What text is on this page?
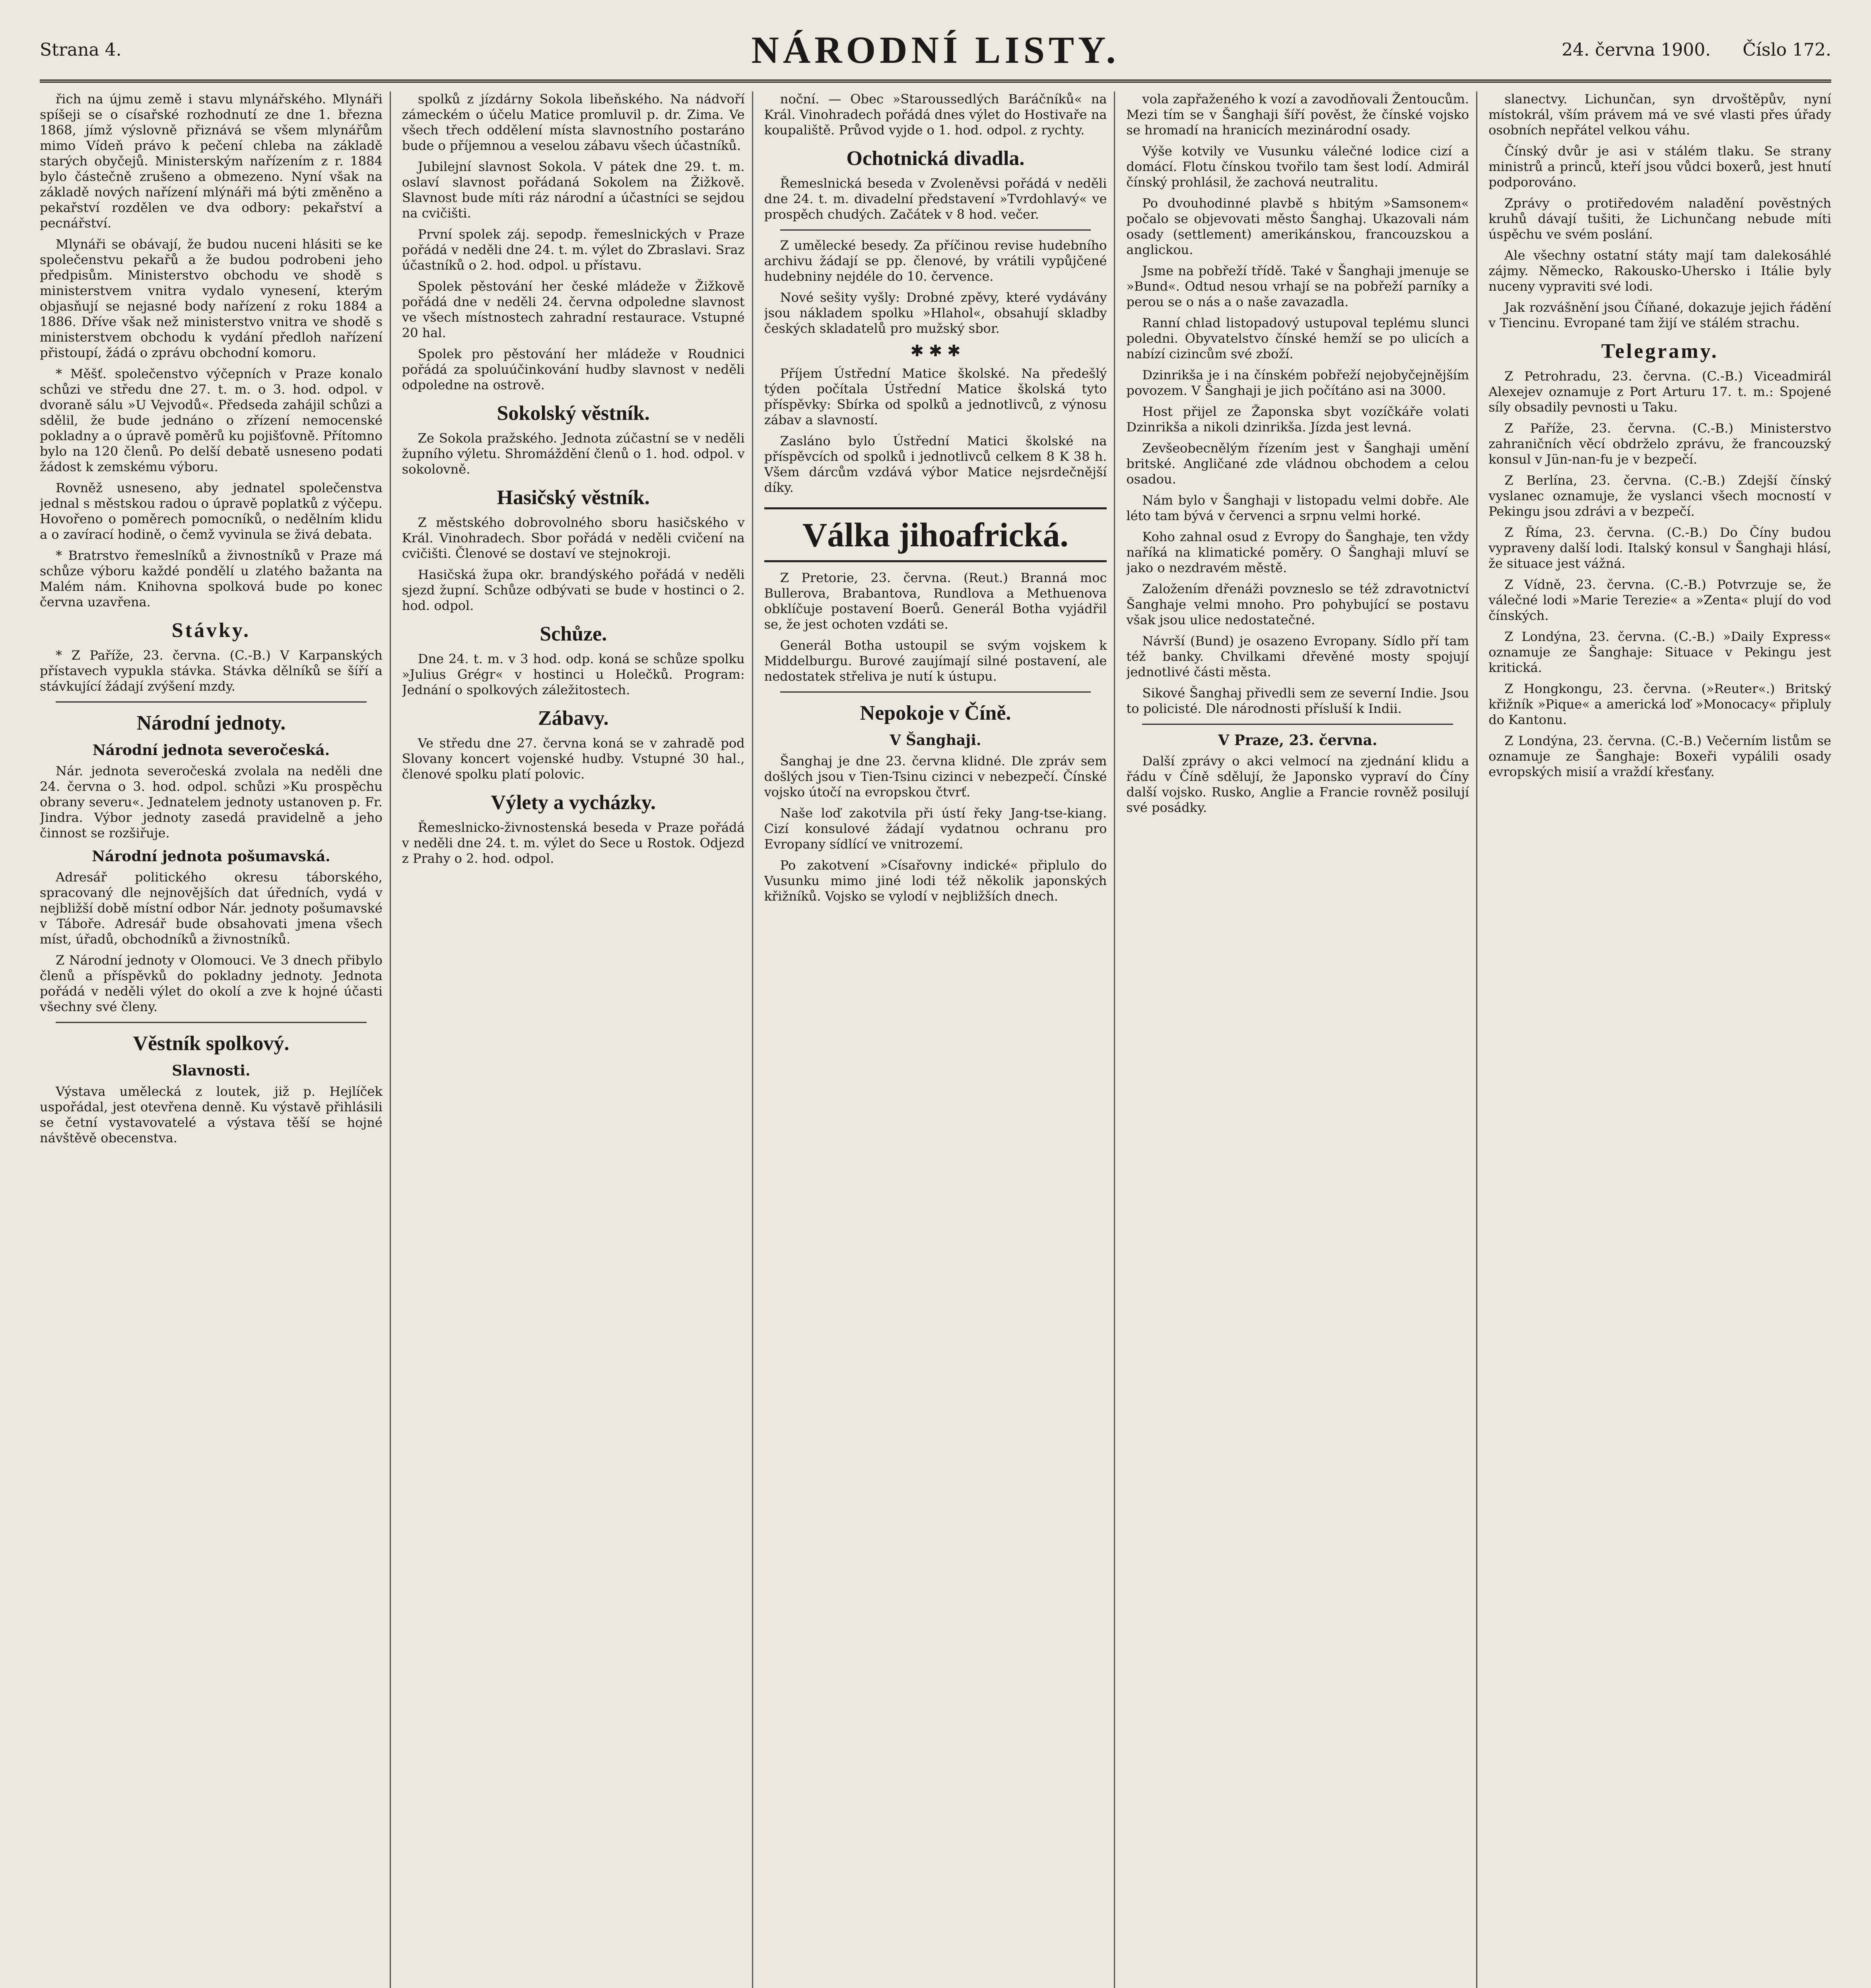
Strana 4.	NÁRODNÍ LISTY.	24. června 1900. Číslo 172.

řich na újmu země i stavu mlynářského. Mlynáři spíšeji se o císařské rozhodnutí ze dne 1. března 1868, jímž výslovně přiznává se všem mlynářům mimo Vídeň právo k pečení chleba na základě starých obyčejů. Ministerským nařízením z r. 1884 bylo částečně zrušeno a obmezeno. Nyní však na základě nových nařízení mlýnáři má býti změněno a pekařství rozdělen ve dva odbory: pekařství a pecnářství.

Mlynáři se obávají, že budou nuceni hlásiti se ke společenstvu pekařů a že budou podrobeni jeho předpisům. Ministerstvo obchodu ve shodě s ministerstvem vnitra vydalo vynesení, kterým objasňují se nejasné body nařízení z roku 1884 a 1886. Dříve však než ministerstvo vnitra ve shodě s ministerstvem obchodu k vydání předloh nařízení přistoupí, žádá o zprávu obchodní komoru.

* Měšť. společenstvo výčepních v Praze konalo schůzi ve středu dne 27. t. m. o 3. hod. odpol. v dvoraně sálu »U Vejvodů«. Předseda zahájil schůzi a sdělil, že bude jednáno o zřízení nemocenské pokladny a o úpravě poměrů ku pojišťovně. Přítomno bylo na 120 členů. Po delší debatě usneseno podati žádost k zemskému výboru.

Rovněž usneseno, aby jednatel společenstva jednal s městskou radou o úpravě poplatků z výčepu. Hovořeno o poměrech pomocníků, o nedělním klidu a o zavírací hodině, o čemž vyvinula se živá debata.

* Bratrstvo řemeslníků a živnostníků v Praze má schůze výboru každé pondělí u zlatého bažanta na Malém nám. Knihovna spolková bude po konec června uzavřena.

Stávky.

* Z Paříže, 23. června. (C.-B.) V Karpanských přístavech vypukla stávka. Stávka dělníků se šíří a stávkující žádají zvýšení mzdy.

Národní jednoty.
Národní jednota severočeská.

Nár. jednota severočeská zvolala na neděli dne 24. června o 3. hod. odpol. schůzi »Ku prospěchu obrany severu«. Jednatelem jednoty ustanoven p. Fr. Jindra. Výbor jednoty zasedá pravidelně a jeho činnost se rozšiřuje.

Národní jednota pošumavská.

Adresář politického okresu táborského, spracovaný dle nejnovějších dat úředních, vydá v nejbližší době místní odbor Nár. jednoty pošumavské v Táboře. Adresář bude obsahovati jmena všech míst, úřadů, obchodníků a živnostníků.

Z Národní jednoty v Olomouci. Ve 3 dnech přibylo členů a příspěvků do pokladny jednoty. Jednota pořádá v neděli výlet do okolí a zve k hojné účasti všechny své členy.

Věstník spolkový.
Slavnosti.

Výstava umělecká z loutek, již p. Hejlíček uspořádal, jest otevřena denně. Ku výstavě přihlásili se četní vystavovatelé a výstava těší se hojné návštěvě obecenstva.

spolků z jízdárny Sokola libeňského. Na nádvoří zámeckém o účelu Matice promluvil p. dr. Zima. Ve všech třech oddělení místa slavnostního postaráno bude o příjemnou a veselou zábavu všech účastníků.

Jubilejní slavnost Sokola. V pátek dne 29. t. m. oslaví slavnost pořádaná Sokolem na Žižkově. Slavnost bude míti ráz národní a účastníci se sejdou na cvičišti.

První spolek záj. sepodp. řemeslnických v Praze pořádá v neděli dne 24. t. m. výlet do Zbraslavi. Sraz účastníků o 2. hod. odpol. u přístavu.

Spolek pěstování her české mládeže v Žižkově pořádá dne v neděli 24. června odpoledne slavnost ve všech místnostech zahradní restaurace. Vstupné 20 hal.

Spolek pro pěstování her mládeže v Roudnici pořádá za spoluúčinkování hudby slavnost v neděli odpoledne na ostrově.

Sokolský věstník.

Ze Sokola pražského. Jednota zúčastní se v neděli župního výletu. Shromáždění členů o 1. hod. odpol. v sokolovně.

Hasičský věstník.

Z městského dobrovolného sboru hasičského v Král. Vinohradech. Sbor pořádá v neděli cvičení na cvičišti. Členové se dostaví ve stejnokroji.

Hasičská župa okr. brandýského pořádá v neděli sjezd župní. Schůze odbývati se bude v hostinci o 2. hod. odpol.

Schůze.

Dne 24. t. m. v 3 hod. odp. koná se schůze spolku »Julius Grégr« v hostinci u Holečků. Program: Jednání o spolkových záležitostech.

Zábavy.

Ve středu dne 27. června koná se v zahradě pod Slovany koncert vojenské hudby. Vstupné 30 hal., členové spolku platí polovic.

Výlety a vycházky.

Řemeslnicko-živnostenská beseda v Praze pořádá v neděli dne 24. t. m. výlet do Sece u Rostok. Odjezd z Prahy o 2. hod. odpol.

noční. — Obec »Staroussedlých Baráčníků« na Král. Vinohradech pořádá dnes výlet do Hostivaře na koupaliště. Průvod vyjde o 1. hod. odpol. z rychty.

Ochotnická divadla.

Řemeslnická beseda v Zvoleněvsi pořádá v neděli dne 24. t. m. divadelní představení »Tvrdohlavý« ve prospěch chudých. Začátek v 8 hod. večer.

Z umělecké besedy. Za příčinou revise hudebního archivu žádají se pp. členové, by vrátili vypůjčené hudebniny nejdéle do 10. července.

Nové sešity vyšly: Drobné zpěvy, které vydávány jsou nákladem spolku »Hlahol«, obsahují skladby českých skladatelů pro mužský sbor.

✱ ✱ ✱

Příjem Ústřední Matice školské. Na předešlý týden počítala Ústřední Matice školská tyto příspěvky: Sbírka od spolků a jednotlivců, z výnosu zábav a slavností.

Zasláno bylo Ústřední Matici školské na příspěvcích od spolků i jednotlivců celkem 8 K 38 h. Všem dárcům vzdává výbor Matice nejsrdečnější díky.

Válka jihoafrická.

Z Pretorie, 23. června. (Reut.) Branná moc Bullerova, Brabantova, Rundlova a Methuenova obklíčuje postavení Boerů. Generál Botha vyjádřil se, že jest ochoten vzdáti se.

Generál Botha ustoupil se svým vojskem k Middelburgu. Burové zaujímají silné postavení, ale nedostatek střeliva je nutí k ústupu.

Nepokoje v Číně.
V Šanghaji.

Šanghaj je dne 23. června klidné. Dle zpráv sem došlých jsou v Tien-Tsinu cizinci v nebezpečí. Čínské vojsko útočí na evropskou čtvrť.

Naše loď zakotvila při ústí řeky Jang-tse-kiang. Cizí konsulové žádají vydatnou ochranu pro Evropany sídlící ve vnitrozemí.

Po zakotvení »Císařovny indické« připlulo do Vusunku mimo jiné lodi též několik japonských křižníků. Vojsko se vylodí v nejbližších dnech.

vola zapřaženého k vozí a zavodňovali Žentoucům. Mezi tím se v Šanghaji šíří pověst, že čínské vojsko se hromadí na hranicích mezinárodní osady.

Výše kotvily ve Vusunku válečné lodice cizí a domácí. Flotu čínskou tvořilo tam šest lodí. Admirál čínský prohlásil, že zachová neutralitu.

Po dvouhodinné plavbě s hbitým »Samsonem« počalo se objevovati město Šanghaj. Ukazovali nám osady (settlement) amerikánskou, francouzskou a anglickou.

Jsme na pobřeží třídě. Také v Šanghaji jmenuje se »Bund«. Odtud nesou vrhají se na pobřeží parníky a perou se o nás a o naše zavazadla.

Ranní chlad listopadový ustupoval teplému slunci poledni. Obyvatelstvo čínské hemží se po ulicích a nabízí cizincům své zboží.

Dzinrikša je i na čínském pobřeží nejobyčejnějším povozem. V Šanghaji je jich počítáno asi na 3000.

Host přijel ze Žaponska sbyt vozíčkáře volati Dzinrikša a nikoli dzinrikša. Jízda jest levná.

Zevšeobecnělým řízením jest v Šanghaji umění britské. Angličané zde vládnou obchodem a celou osadou.

Nám bylo v Šanghaji v listopadu velmi dobře. Ale léto tam bývá v červenci a srpnu velmi horké.

Koho zahnal osud z Evropy do Šanghaje, ten vždy naříká na klimatické poměry. O Šanghaji mluví se jako o nezdravém městě.

Založením dřenáži povzneslo se též zdravotnictví Šanghaje velmi mnoho. Pro pohybující se postavu však jsou ulice nedostatečné.

Návrší (Bund) je osazeno Evropany. Sídlo pří tam též banky. Chvilkami dřevěné mosty spojují jednotlivé části města.

Sikové Šanghaj přivedli sem ze severní Indie. Jsou to policisté. Dle národnosti přísluší k Indii.

V Praze, 23. června.

Další zprávy o akci velmocí na zjednání klidu a řádu v Číně sdělují, že Japonsko vypraví do Číny další vojsko. Rusko, Anglie a Francie rovněž posilují své posádky.

slanectvy. Lichunčan, syn drvoštěpův, nyní místokrál, vším právem má ve své vlasti přes úřady osobních nepřátel velkou váhu.

Čínský dvůr je asi v stálém tlaku. Se strany ministrů a princů, kteří jsou vůdci boxerů, jest hnutí podporováno.

Zprávy o protiředovém naladění pověstných kruhů dávají tušiti, že Lichunčang nebude míti úspěchu ve svém poslání.

Ale všechny ostatní státy mají tam dalekosáhlé zájmy. Německo, Rakousko-Uhersko i Itálie byly nuceny vypraviti své lodi.

Jak rozvášnění jsou Číňané, dokazuje jejich řádění v Tiencinu. Evropané tam žijí ve stálém strachu.

Telegramy.

Z Petrohradu, 23. června. (C.-B.) Viceadmirál Alexejev oznamuje z Port Arturu 17. t. m.: Spojené síly obsadily pevnosti u Taku.

Z Paříže, 23. června. (C.-B.) Ministerstvo zahraničních věcí obdrželo zprávu, že francouzský konsul v Jün-nan-fu je v bezpečí.

Z Berlína, 23. června. (C.-B.) Zdejší čínský vyslanec oznamuje, že vyslanci všech mocností v Pekingu jsou zdrávi a v bezpečí.

Z Říma, 23. června. (C.-B.) Do Číny budou vypraveny další lodi. Italský konsul v Šanghaji hlásí, že situace jest vážná.

Z Vídně, 23. června. (C.-B.) Potvrzuje se, že válečné lodi »Marie Terezie« a »Zenta« plují do vod čínských.

Z Londýna, 23. června. (C.-B.) »Daily Express« oznamuje ze Šanghaje: Situace v Pekingu jest kritická.

Z Hongkongu, 23. června. (»Reuter«.) Britský křižník »Pique« a americká loď »Monocacy« připluly do Kantonu.

Z Londýna, 23. června. (C.-B.) Večerním listům se oznamuje ze Šanghaje: Boxeři vypálili osady evropských misií a vraždí křesťany.
